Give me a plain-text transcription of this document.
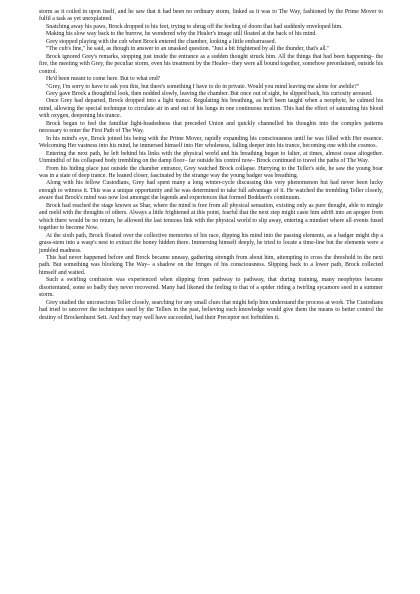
storm as it coiled in upon itself, and he saw that it had been no ordinary storm, linked as it was to The Way, fashioned by the Prime Mover to fulfil a task as yet unexplained.

Snatching away his paws, Brock dropped to his feet, trying to shrug off the feeling of doom that had suddenly enveloped him.

Making his slow way back to the burrow, he wondered why the Healer's image still floated at the back of his mind.

Grey stopped playing with the cub when Brock entered the chamber, looking a little embarrassed.

"The cub's fine," he said, as though in answer to an unasked question. "Just a bit frightened by all the thunder, that's all."

Brock ignored Grey's remarks, stopping just inside the entrance as a sudden thought struck him. All the things that had been happening– the fire, the meeting with Grey, the peculiar storm, even his treatment by the Healer– they were all bound together, somehow preordained, outside his control.

He'd been meant to come here. But to what end?

"Grey, I'm sorry to have to ask you this, but there's something I have to do in private. Would you mind leaving me alone for awhile?"

Grey gave Brock a thoughtful look, then nodded slowly, leaving the chamber. But once out of sight, he slipped back, his curiosity aroused.

Once Grey had departed, Brock dropped into a light trance. Regulating his breathing, as he'd been taught when a neophyte, he calmed his mind, allowing the special technique to circulate air in and out of his lungs in one continuous motion. This had the effect of saturating his blood with oxygen, deepening his trance.

Brock began to feel the familiar light-headedness that preceded Union and quickly channelled his thoughts into the complex patterns necessary to enter the First Path of The Way.

In his mind's eye, Brock joined his being with the Prime Mover, rapidly expanding his consciousness until he was filled with Her essence. Welcoming Her vastness into his mind, he immersed himself into Her wholeness, falling deeper into his trance, becoming one with the cosmos.

Entering the next path, he left behind his links with the physical world and his breathing began to falter, at times, almost cease altogether. Unmindful of his collapsed body trembling on the damp floor– far outside his control now– Brock continued to travel the paths of The Way.

From his hiding place just outside the chamber entrance, Grey watched Brock collapse. Hurrying to the Teller's side, he saw the young boar was in a state of deep trance. He leaned closer, fascinated by the strange way the young badger was breathing.

Along with his fellow Custodians, Grey had spent many a long winter-cycle discussing this very phenomenon but had never been lucky enough to witness it. This was a unique opportunity and he was determined to take full advantage of it. He watched the trembling Teller closely, aware that Brock's mind was now lost amongst the legends and experiences that formed Boddaert's continuum.

Brock had reached the stage known as Shar, where the mind is free from all physical sensation, existing only as pure thought, able to mingle and meld with the thoughts of others. Always a little frightened at this point, fearful that the next step might caste him adrift into an apogee from which there would be no return, he allowed the last tenuous link with the physical world to slip away, entering a mindset where all events fused together to become Now.

At the sixth path, Brock floated over the collective memories of his race, dipping his mind into the passing elements, as a badger might dip a grass-stem into a wasp's nest to extract the honey hidden there. Immersing himself deeply, he tried to locate a time-line but the elements were a jumbled madness.

This had never happened before and Brock became uneasy, gathering strength from about him, attempting to cross the threshold to the next path. But something was blocking The Way– a shadow on the fringes of his consciousness. Slipping back to a lower path, Brock collected himself and waited.

Such a swirling confusion was experienced when slipping from pathway to pathway, that during training, many neophytes became disorientated, some so badly they never recovered. Many had likened the feeling to that of a spider riding a twirling sycamore seed in a summer storm.

Grey studied the unconscious Teller closely, searching for any small clues that might help him understand the process at work. The Custodians had tried to uncover the techniques used by the Tellers in the past, believing such knowledge would give them the means to better control the destiny of Brockenhurst Sett. And they may well have succeeded, had their Preceptor not forbidden it.
